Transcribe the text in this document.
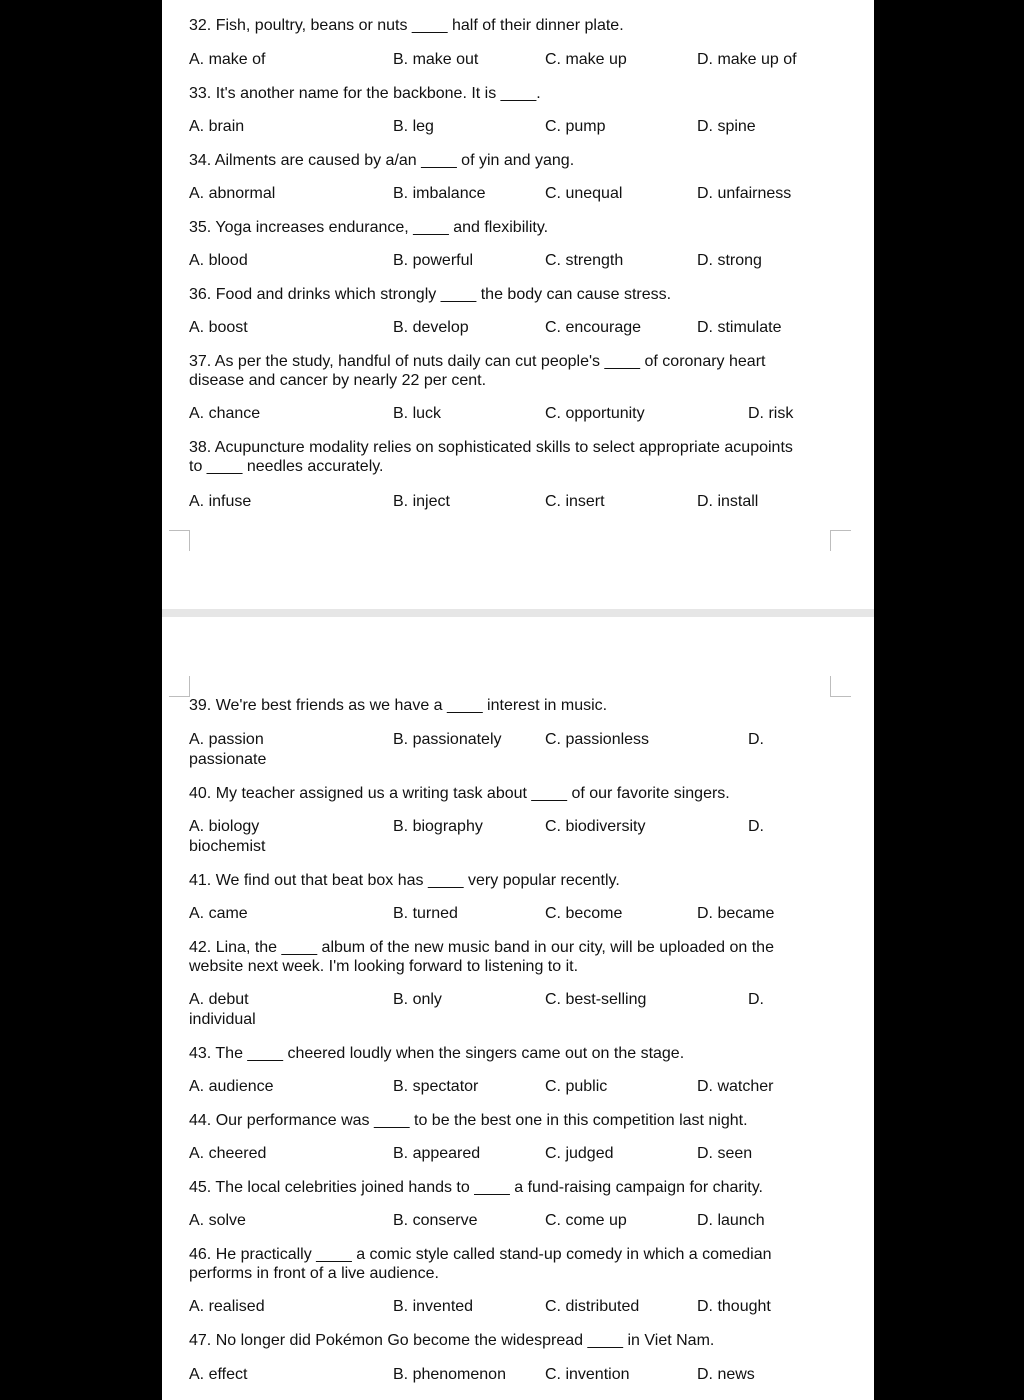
32. Fish, poultry, beans or nuts ____ half of their dinner plate.

A. make of	B. make out	C. make up	D. make up of

33. It's another name for the backbone. It is ____.

A. brain	B. leg	C. pump	D. spine

34. Ailments are caused by a/an ____ of yin and yang.

A. abnormal	B. imbalance	C. unequal	D. unfairness

35. Yoga increases endurance, ____ and flexibility.

A. blood	B. powerful	C. strength	D. strong

36. Food and drinks which strongly ____ the body can cause stress.

A. boost	B. develop	C. encourage	D. stimulate

37. As per the study, handful of nuts daily can cut people's ____ of coronary heart disease and cancer by nearly 22 per cent.

A. chance	B. luck	C. opportunity	D. risk

38. Acupuncture modality relies on sophisticated skills to select appropriate acupoints to ____ needles accurately.

A. infuse	B. inject	C. insert	D. install

39. We're best friends as we have a ____ interest in music.

A. passion	B. passionately	C. passionless	D.
passionate

40. My teacher assigned us a writing task about ____ of our favorite singers.

A. biology	B. biography	C. biodiversity	D.
biochemist

41. We find out that beat box has ____ very popular recently.

A. came	B. turned	C. become	D. became

42. Lina, the ____ album of the new music band in our city, will be uploaded on the website next week. I'm looking forward to listening to it.

A. debut	B. only	C. best-selling	D.
individual

43. The ____ cheered loudly when the singers came out on the stage.

A. audience	B. spectator	C. public	D. watcher

44. Our performance was ____ to be the best one in this competition last night.

A. cheered	B. appeared	C. judged	D. seen

45. The local celebrities joined hands to ____ a fund-raising campaign for charity.

A. solve	B. conserve	C. come up	D. launch

46. He practically ____ a comic style called stand-up comedy in which a comedian performs in front of a live audience.

A. realised	B. invented	C. distributed	D. thought

47. No longer did Pokémon Go become the widespread ____ in Viet Nam.

A. effect	B. phenomenon C. invention	D. news
